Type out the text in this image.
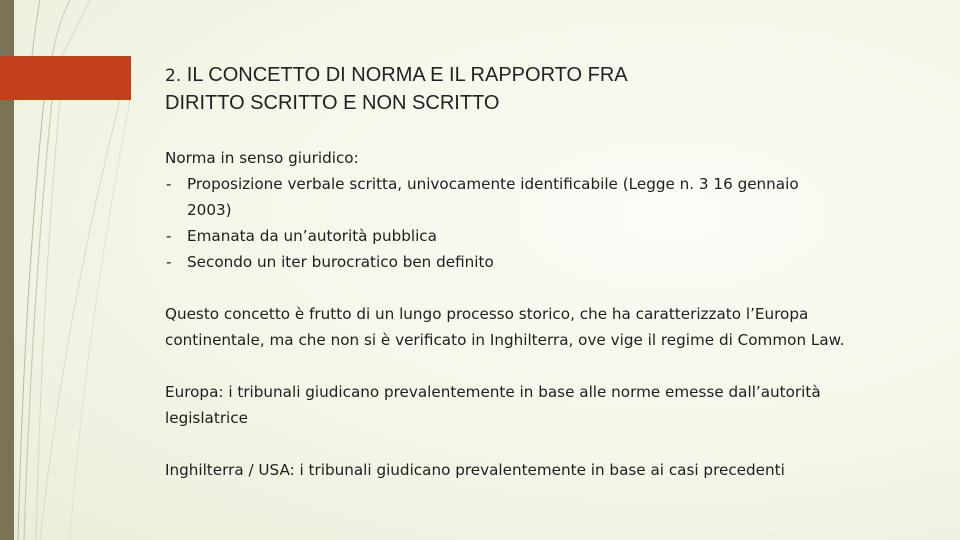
2. IL CONCETTO DI NORMA E IL RAPPORTO FRA
DIRITTO SCRITTO E NON SCRITTO

Norma in senso giuridico:

- Proposizione verbale scritta, univocamente identificabile (Legge n. 3 16 gennaio 2003)
- Emanata da un’autorità pubblica
- Secondo un iter burocratico ben definito

Questo concetto è frutto di un lungo processo storico, che ha caratterizzato l’Europa continentale, ma che non si è verificato in Inghilterra, ove vige il regime di Common Law.

Europa: i tribunali giudicano prevalentemente in base alle norme emesse dall’autorità legislatrice

Inghilterra / USA: i tribunali giudicano prevalentemente in base ai casi precedenti
